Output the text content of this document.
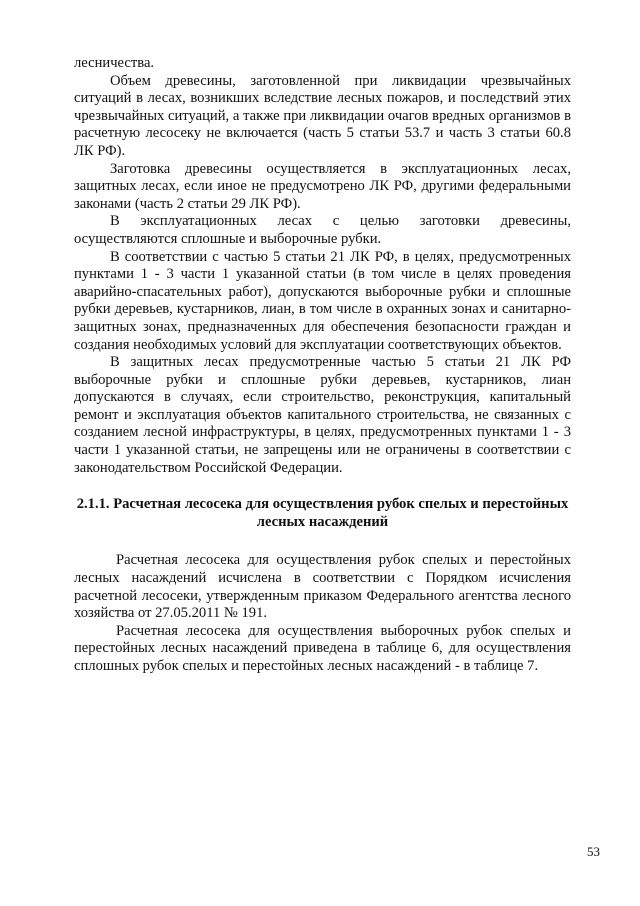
лесничества.

Объем древесины, заготовленной при ликвидации чрезвычайных ситуаций в лесах, возникших вследствие лесных пожаров, и последствий этих чрезвычайных ситуаций, а также при ликвидации очагов вредных организмов в расчетную лесосеку не включается (часть 5 статьи 53.7 и часть 3 статьи 60.8 ЛК РФ).

Заготовка древесины осуществляется в эксплуатационных лесах, защитных лесах, если иное не предусмотрено ЛК РФ, другими федеральными законами (часть 2 статьи 29 ЛК РФ).

В эксплуатационных лесах с целью заготовки древесины, осуществляются сплошные и выборочные рубки.

В соответствии с частью 5 статьи 21 ЛК РФ, в целях, предусмотренных пунктами 1 - 3 части 1 указанной статьи (в том числе в целях проведения аварийно-спасательных работ), допускаются выборочные рубки и сплошные рубки деревьев, кустарников, лиан, в том числе в охранных зонах и санитарно-защитных зонах, предназначенных для обеспечения безопасности граждан и создания необходимых условий для эксплуатации соответствующих объектов.

В защитных лесах предусмотренные частью 5 статьи 21 ЛК РФ выборочные рубки и сплошные рубки деревьев, кустарников, лиан допускаются в случаях, если строительство, реконструкция, капитальный ремонт и эксплуатация объектов капитального строительства, не связанных с созданием лесной инфраструктуры, в целях, предусмотренных пунктами 1 - 3 части 1 указанной статьи, не запрещены или не ограничены в соответствии с законодательством Российской Федерации.

2.1.1. Расчетная лесосека для осуществления рубок спелых и перестойных
лесных насаждений

Расчетная лесосека для осуществления рубок спелых и перестойных лесных насаждений исчислена в соответствии с Порядком исчисления расчетной лесосеки, утвержденным приказом Федерального агентства лесного хозяйства от 27.05.2011 № 191.

Расчетная лесосека для осуществления выборочных рубок спелых и перестойных лесных насаждений приведена в таблице 6, для осуществления сплошных рубок спелых и перестойных лесных насаждений - в таблице 7.

53
